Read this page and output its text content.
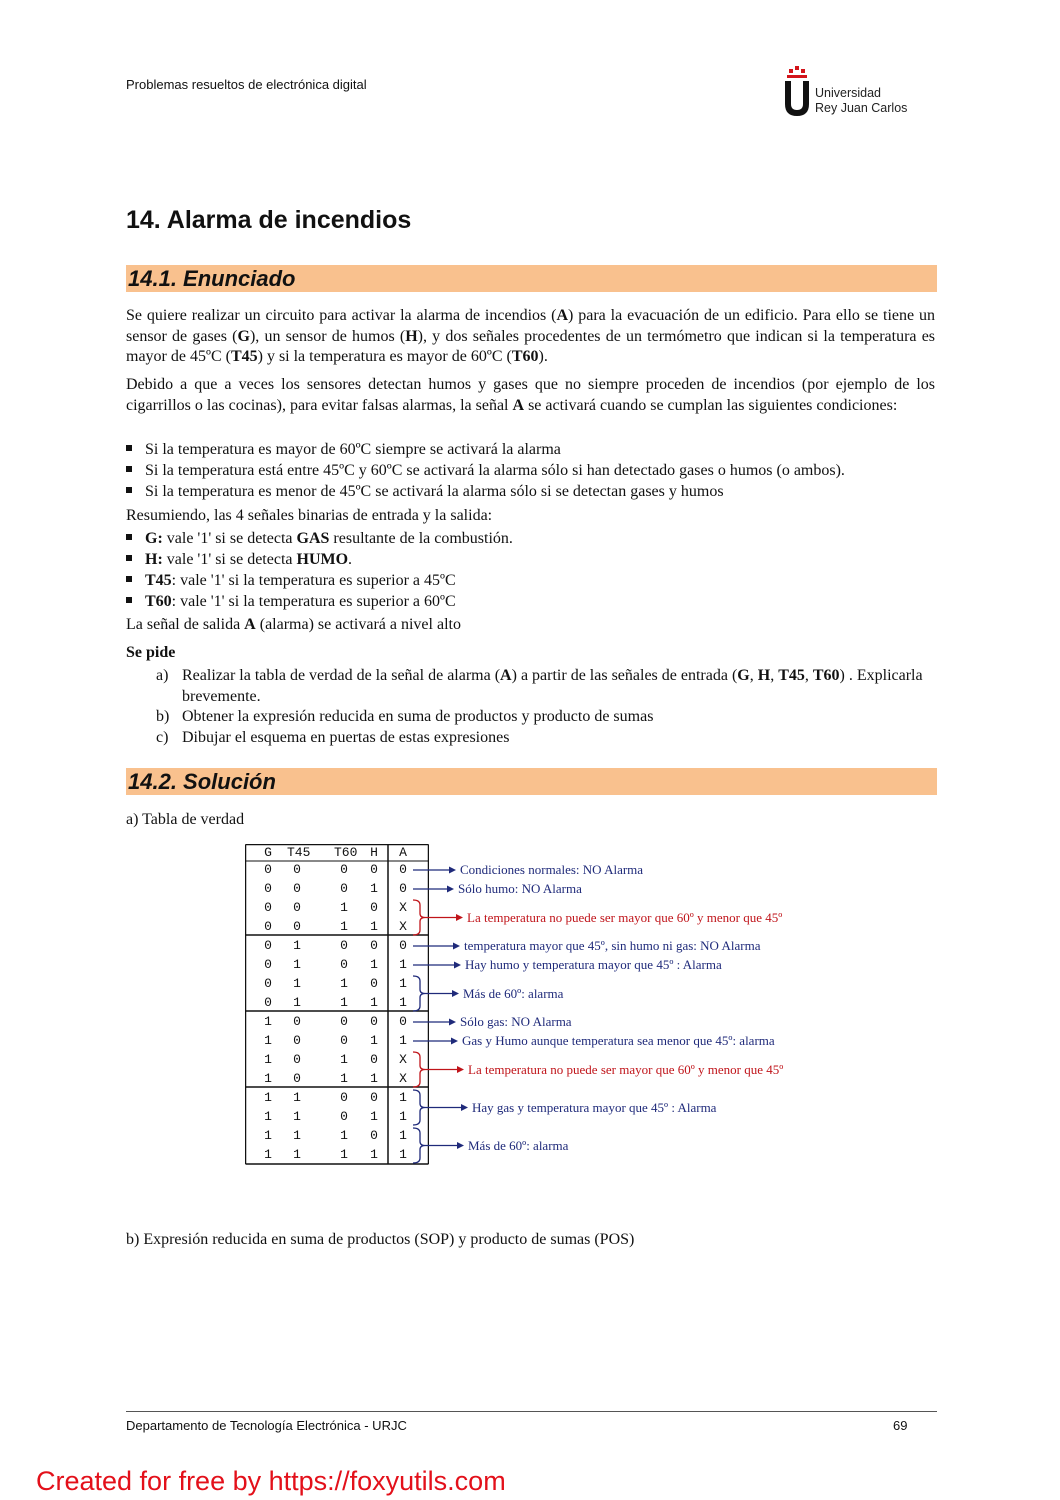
Problemas resueltos de electrónica digital
Universidad
Rey Juan Carlos
14. Alarma de incendios
14.1. Enunciado
Se quiere realizar un circuito para activar la alarma de incendios (A) para la evacuación de un edificio. Para ello se tiene un sensor de gases (G), un sensor de humos (H), y dos señales procedentes de un termómetro que indican si la temperatura es mayor de 45ºC (T45) y si la temperatura es mayor de 60ºC (T60).
Debido a que a veces los sensores detectan humos y gases que no siempre proceden de incendios (por ejemplo de los cigarrillos o las cocinas), para evitar falsas alarmas, la señal A se activará cuando se cumplan las siguientes condiciones:
Si la temperatura es mayor de 60ºC siempre se activará la alarma
Si la temperatura está entre 45ºC y 60ºC se activará la alarma sólo si han detectado gases o humos (o ambos).
Si la temperatura es menor de 45ºC se activará la alarma sólo si se detectan gases y humos
Resumiendo, las 4 señales binarias de entrada y la salida:
G: vale '1' si se detecta GAS resultante de la combustión.
H: vale '1' si se detecta HUMO.
T45: vale '1' si la temperatura es superior a 45ºC
T60: vale '1' si la temperatura es superior a 60ºC
La señal de salida A (alarma) se activará a nivel alto
Se pide
a) Realizar la tabla de verdad de la señal de alarma (A) a partir de las señales de entrada (G, H, T45, T60) . Explicarla brevemente.
b) Obtener la expresión reducida en suma de productos y producto de sumas
c) Dibujar el esquema en puertas de estas expresiones
14.2. Solución
a) Tabla de verdad
G	T45 T60 H	A
0	0	0	0	0
0	0	0	1	0
0	0	1	0	X
0	0	1	1	X
0	1	0	0	0
0	1	0	1	1
0	1	1	0	1
0	1	1	1	1
1	0	0	0	0
1	0	0	1	1
1	0	1	0	X
1	0	1	1	X
1	1	0	0	1
1	1	0	1	1
1	1	1	0	1
1	1	1	1	1
Condiciones normales: NO Alarma
Sólo humo: NO Alarma
La temperatura no puede ser mayor que 60º y menor que 45º
temperatura mayor que 45º, sin humo ni gas: NO Alarma
Hay humo y temperatura mayor que 45º : Alarma
Más de 60º: alarma
Sólo gas: NO Alarma
Gas y Humo aunque temperatura sea menor que 45º: alarma
La temperatura no puede ser mayor que 60º y menor que 45º
Hay gas y temperatura mayor que 45º : Alarma
Más de 60º: alarma
b) Expresión reducida en suma de productos (SOP) y producto de sumas (POS)
Departamento de Tecnología Electrónica - URJC	69
Created for free by https://foxyutils.com
